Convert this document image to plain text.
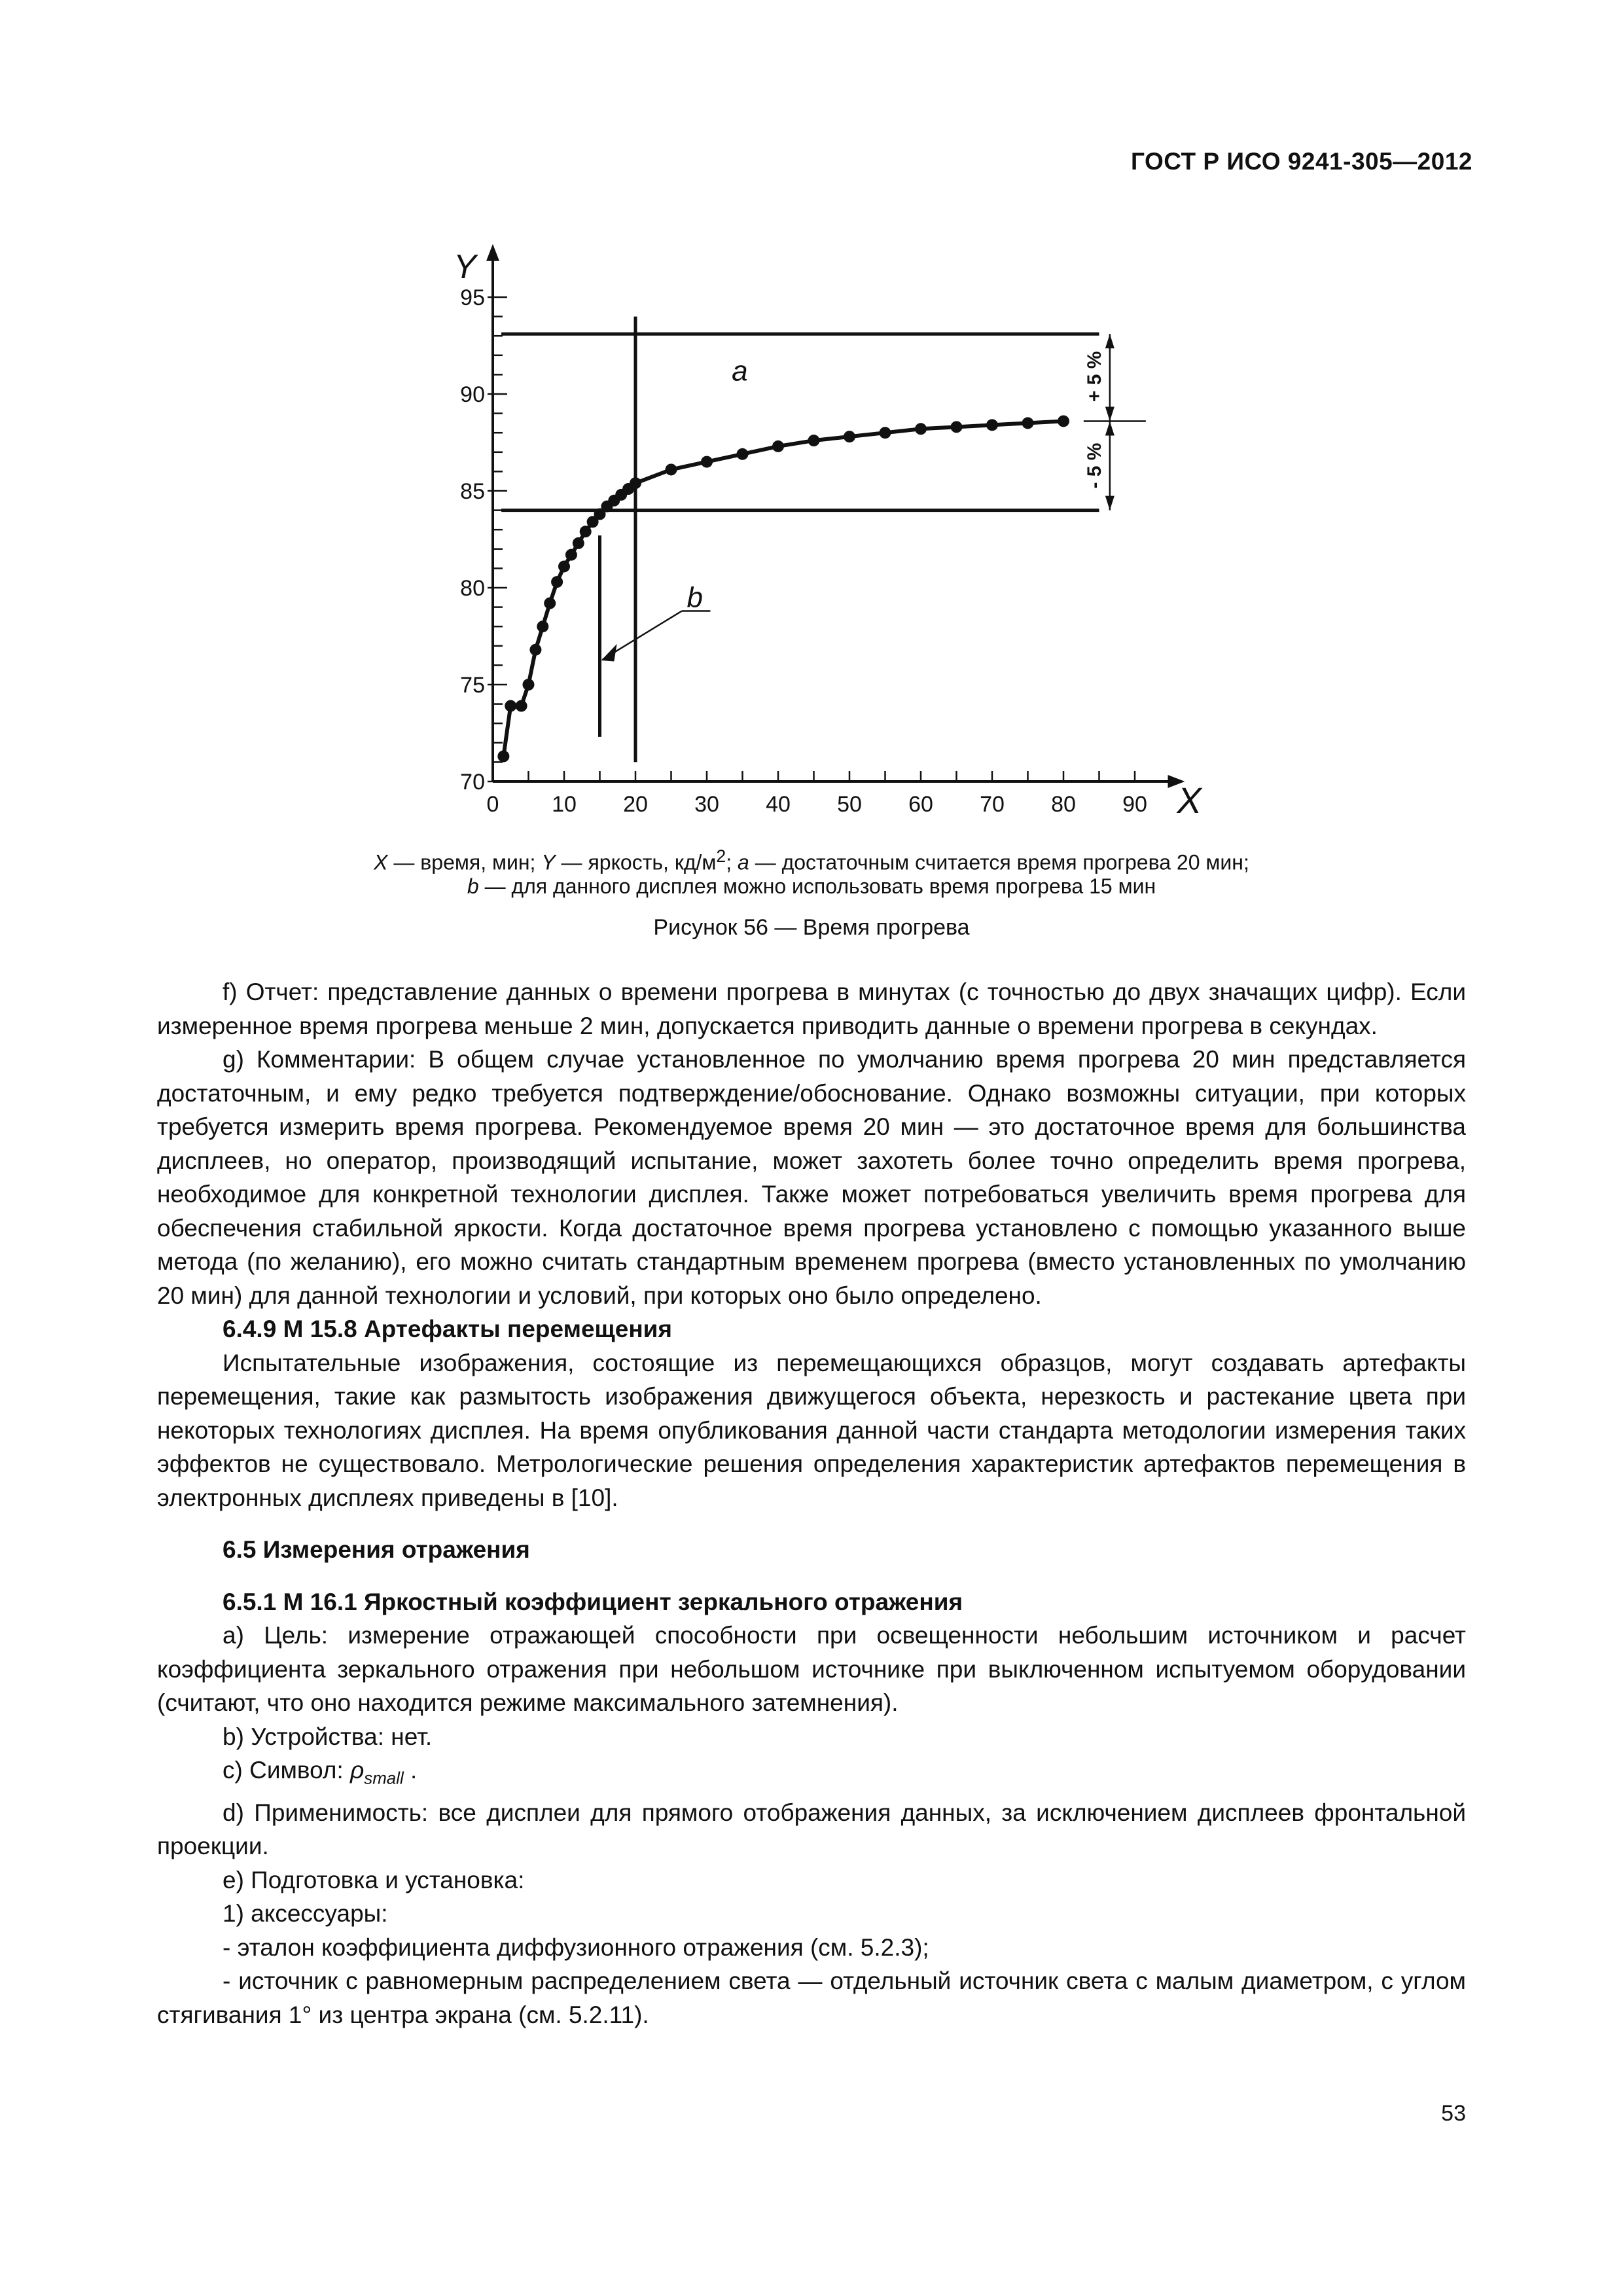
ГОСТ Р ИСО 9241-305—2012
70
75
80
85
90
95
0 10 20 30 40 50 60 70 80 90 X
Y
+ 5 %
- 5 %
a
b
X — время, мин; Y — яркость, $кд/м^2$; a — достаточным считается время прогрева 20 мин;
b — для данного дисплея можно использовать время прогрева 15 мин
Рисунок 56 — Время прогрева

f) Отчет: представление данных о времени прогрева в минутах (с точностью до двух значащих цифр). Если измеренное время прогрева меньше 2 мин, допускается приводить данные о времени прогрева в секундах.

g) Комментарии: В общем случае установленное по умолчанию время прогрева 20 мин представляется достаточным, и ему редко требуется подтверждение/обоснование. Однако возможны ситуации, при которых требуется измерить время прогрева. Рекомендуемое время 20 мин — это достаточное время для большинства дисплеев, но оператор, производящий испытание, может захотеть более точно определить время прогрева, необходимое для конкретной технологии дисплея. Также может потребоваться увеличить время прогрева для обеспечения стабильной яркости. Когда достаточное время прогрева установлено с помощью указанного выше метода (по желанию), его можно считать стандартным временем прогрева (вместо установленных по умолчанию 20 мин) для данной технологии и условий, при которых оно было определено.

6.4.9 М 15.8 Артефакты перемещения

Испытательные изображения, состоящие из перемещающихся образцов, могут создавать артефакты перемещения, такие как размытость изображения движущегося объекта, нерезкость и растекание цвета при некоторых технологиях дисплея. На время опубликования данной части стандарта методологии измерения таких эффектов не существовало. Метрологические решения определения характеристик артефактов перемещения в электронных дисплеях приведены в [10].

6.5 Измерения отражения

6.5.1 М 16.1 Яркостный коэффициент зеркального отражения

а) Цель: измерение отражающей способности при освещенности небольшим источником и расчет коэффициента зеркального отражения при небольшом источнике при выключенном испытуемом оборудовании (считают, что оно находится режиме максимального затемнения).

b) Устройства: нет.

c) Символ: $\rho_{small}$ .

d) Применимость: все дисплеи для прямого отображения данных, за исключением дисплеев фронтальной проекции.

e) Подготовка и установка:

1) аксессуары:

- эталон коэффициента диффузионного отражения (см. 5.2.3);

- источник с равномерным распределением света — отдельный источник света с малым диаметром, с углом стягивания 1° из центра экрана (см. 5.2.11).

53
